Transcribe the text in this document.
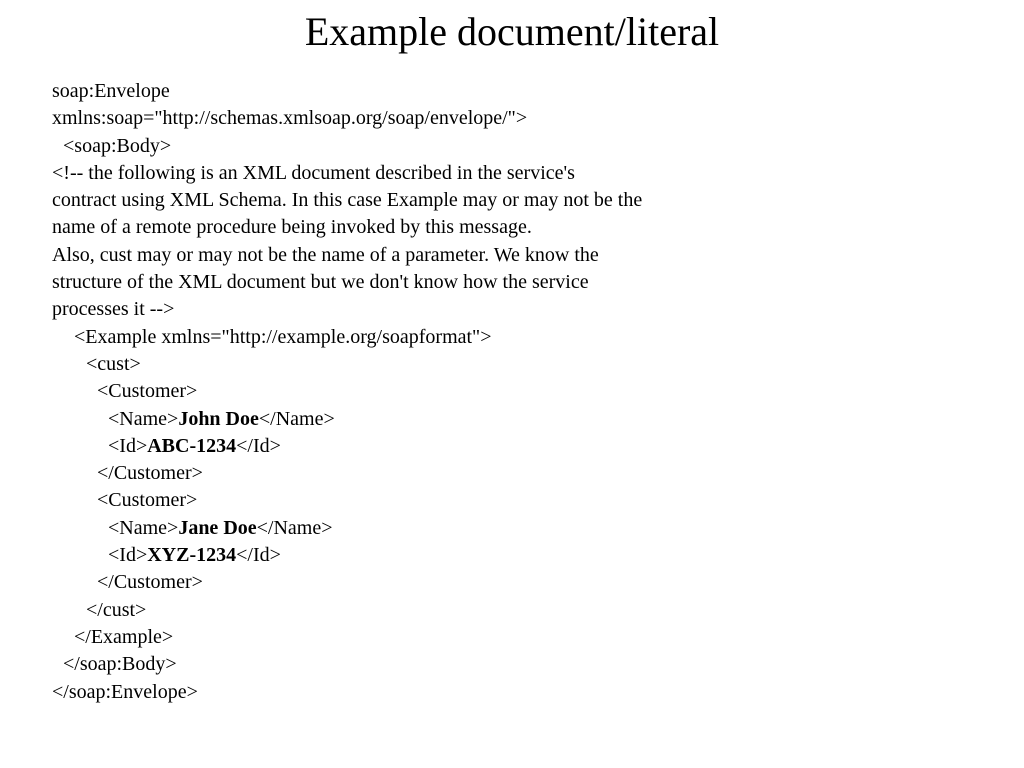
Example document/literal
soap:Envelope
xmlns:soap="http://schemas.xmlsoap.org/soap/envelope/">
<soap:Body>
<!-- the following is an XML document described in the service's
contract using XML Schema. In this case Example may or may not be the
name of a remote procedure being invoked by this message.
Also, cust may or may not be the name of a parameter. We know the
structure of the XML document but we don't know how the service
processes it -->
<Example xmlns="http://example.org/soapformat">
<cust>
<Customer>
<Name>John Doe</Name>
<Id>ABC-1234</Id>
</Customer>
<Customer>
<Name>Jane Doe</Name>
<Id>XYZ-1234</Id>
</Customer>
</cust>
</Example>
</soap:Body>
</soap:Envelope>
